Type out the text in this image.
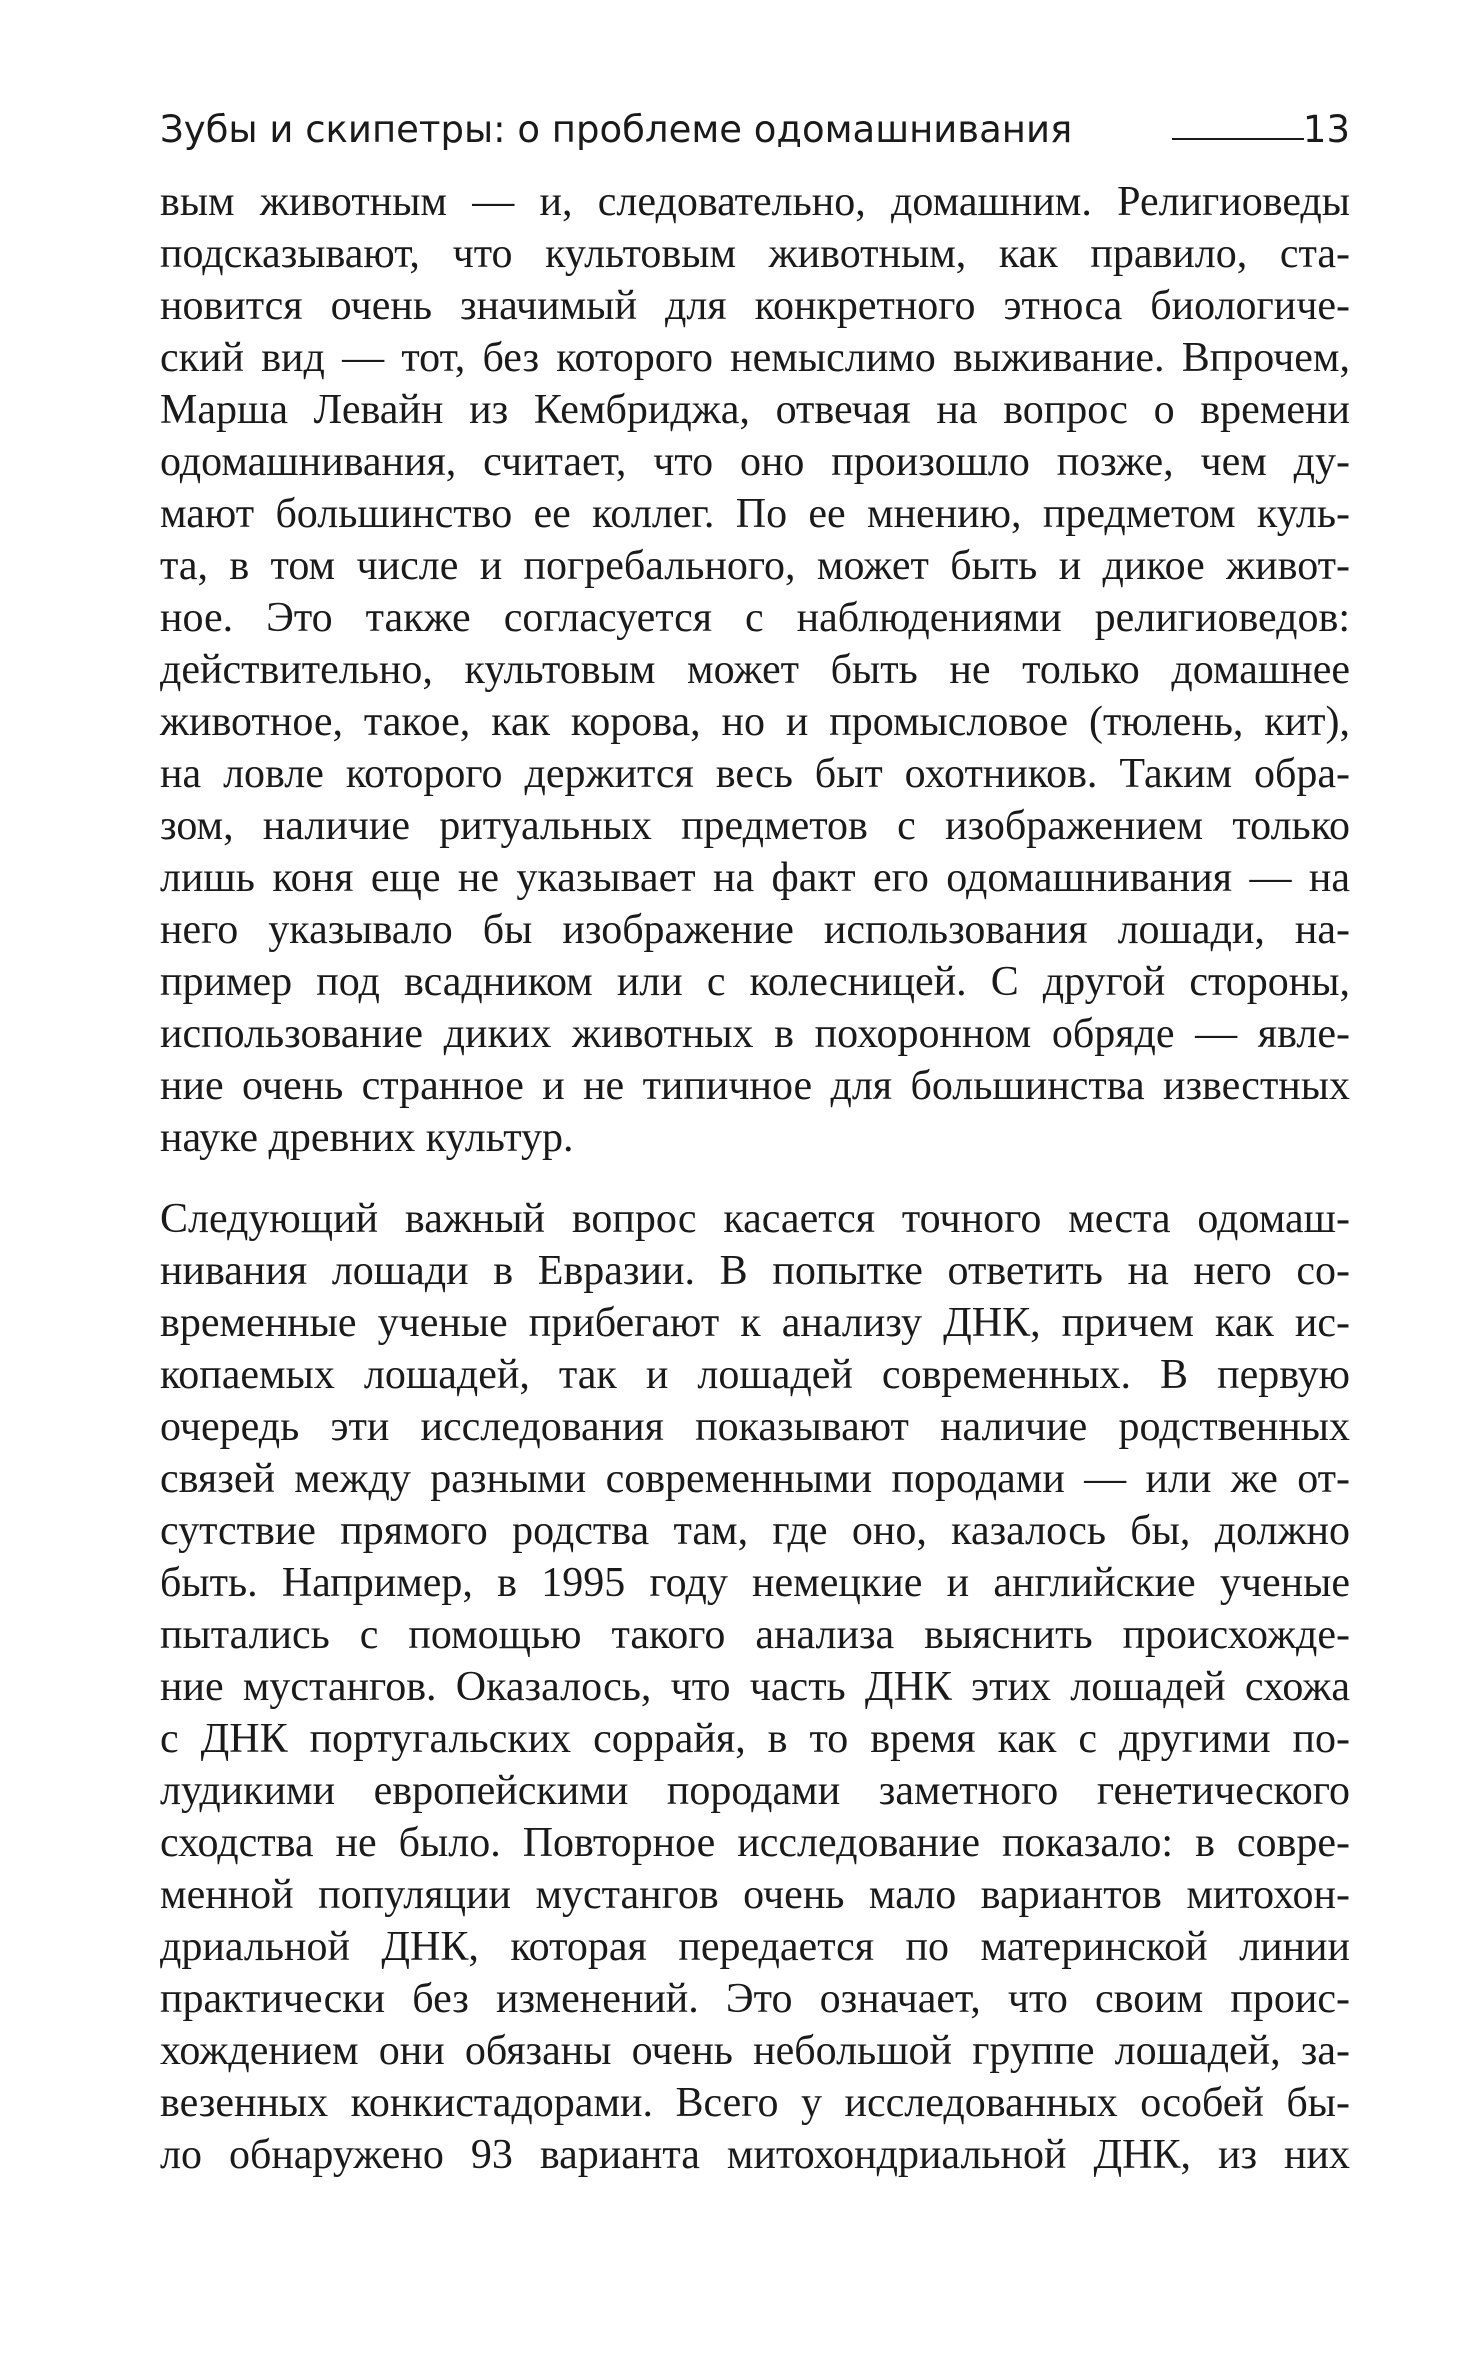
Зубы и скипетры: о проблеме одомашнивания	13
вым животным — и, следовательно, домашним. Религиоведы
подсказывают, что культовым животным, как правило, ста-
новится очень значимый для конкретного этноса биологиче-
ский вид — тот, без которого немыслимо выживание. Впрочем,
Марша Левайн из Кембриджа, отвечая на вопрос о времени
одомашнивания, считает, что оно произошло позже, чем ду-
мают большинство ее коллег. По ее мнению, предметом куль-
та, в том числе и погребального, может быть и дикое живот-
ное. Это также согласуется с наблюдениями религиоведов:
действительно, культовым может быть не только домашнее
животное, такое, как корова, но и промысловое (тюлень, кит),
на ловле которого держится весь быт охотников. Таким обра-
зом, наличие ритуальных предметов с изображением только
лишь коня еще не указывает на факт его одомашнивания — на
него указывало бы изображение использования лошади, на-
пример под всадником или с колесницей. С другой стороны,
использование диких животных в похоронном обряде — явле-
ние очень странное и не типичное для большинства известных
науке древних культур.
Следующий важный вопрос касается точного места одомаш-
нивания лошади в Евразии. В попытке ответить на него со-
временные ученые прибегают к анализу ДНК, причем как ис-
копаемых лошадей, так и лошадей современных. В первую
очередь эти исследования показывают наличие родственных
связей между разными современными породами — или же от-
сутствие прямого родства там, где оно, казалось бы, должно
быть. Например, в 1995 году немецкие и английские ученые
пытались с помощью такого анализа выяснить происхожде-
ние мустангов. Оказалось, что часть ДНК этих лошадей схожа
с ДНК португальских соррайя, в то время как с другими по-
лудикими европейскими породами заметного генетического
сходства не было. Повторное исследование показало: в совре-
менной популяции мустангов очень мало вариантов митохон-
дриальной ДНК, которая передается по материнской линии
практически без изменений. Это означает, что своим проис-
хождением они обязаны очень небольшой группе лошадей, за-
везенных конкистадорами. Всего у исследованных особей бы-
ло обнаружено 93 варианта митохондриальной ДНК, из них
